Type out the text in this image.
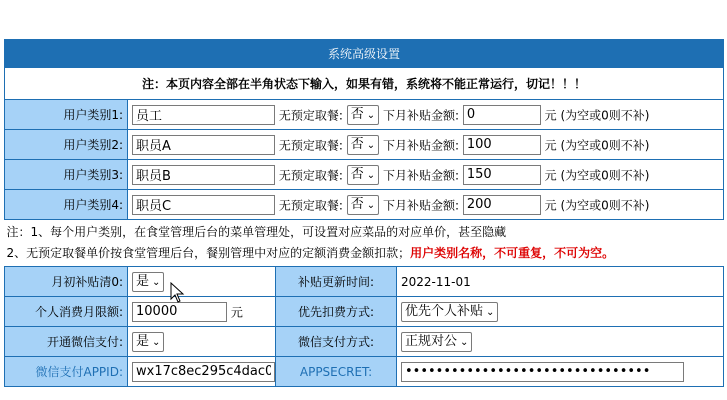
系统高级设置			
注：本页内容全部在半角状态下输入，如果有错，系统将不能正常运行，切记！！！			
用户类别1:	员工无预定取餐: 否 ⌄ 下月补贴金额: 0 元 (为空或0则不补)
用户类别2:	职员A无预定取餐: 否 ⌄ 下月补贴金额: 100 元 (为空或0则不补)
用户类别3:	职员B无预定取餐: 否 ⌄ 下月补贴金额: 150 元 (为空或0则不补)
用户类别4:	职员C无预定取餐: 否 ⌄ 下月补贴金额: 200 元 (为空或0则不补)

注：1、每个用户类别，在食堂管理后台的菜单管理处，可设置对应菜品的对应单价，甚至隐藏
2、无预定取餐单价按食堂管理后台，餐别管理中对应的定额消费金额扣款；用户类别名称，不可重复，不可为空。			

月初补贴清0:	是 ⌄	补贴更新时间:	2022-11-01
个人消费月限额:	10000元	优先扣费方式:	优先个人补贴 ⌄
开通微信支付:	是 ⌄	微信支付方式:	正规对公 ⌄
微信支付APPID:	wx17c8ec295c4dac05	APPSECRET:	••••••••••••••••••••••••••••••••
